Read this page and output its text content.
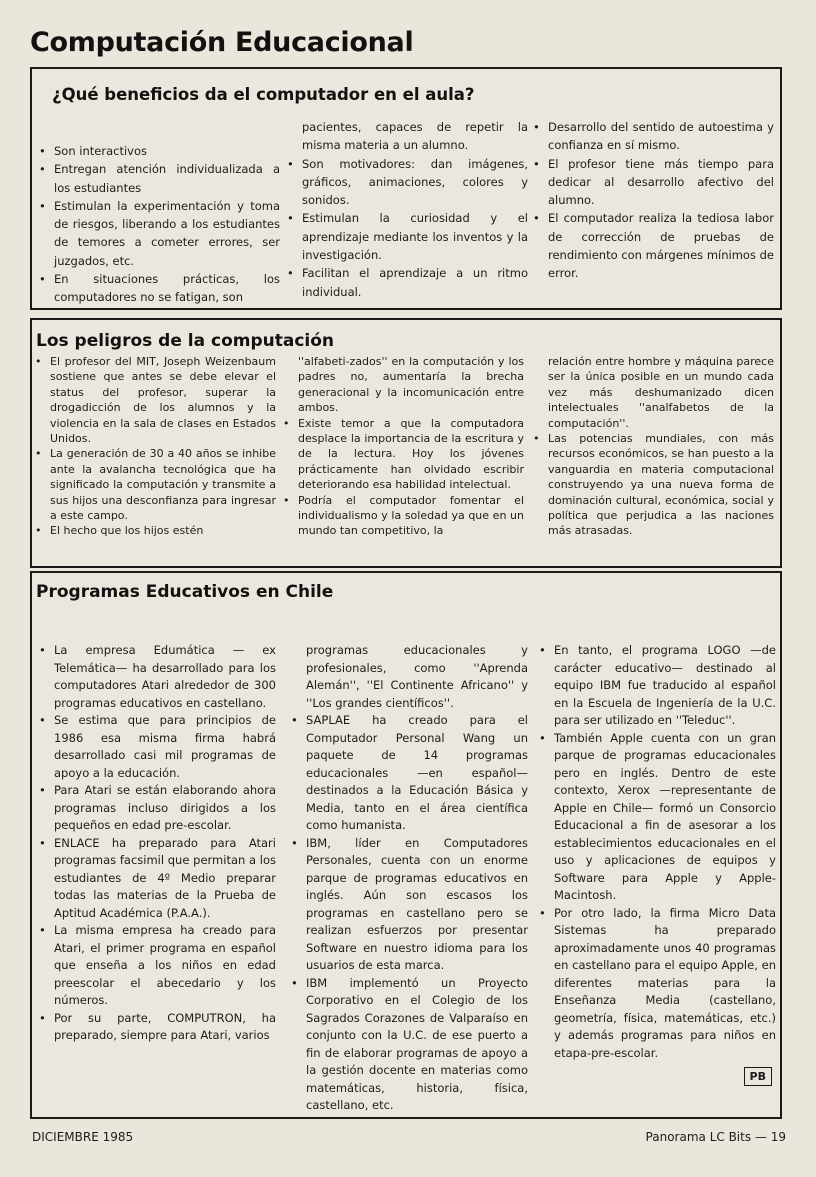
Computación Educacional
¿Qué beneficios da el computador en el aula?
• Son interactivos
• Entregan atención individualizada a los estudiantes
• Estimulan la experimentación y toma de riesgos, liberando a los estudiantes de temores a cometer errores, ser juzgados, etc.
• En situaciones prácticas, los computadores no se fatigan, son
pacientes, capaces de repetir la misma materia a un alumno.
• Son motivadores: dan imágenes, gráficos, animaciones, colores y sonidos.
• Estimulan la curiosidad y el aprendizaje mediante los inventos y la investigación.
• Facilitan el aprendizaje a un ritmo individual.
• Desarrollo del sentido de autoestima y confianza en sí mismo.
• El profesor tiene más tiempo para dedicar al desarrollo afectivo del alumno.
• El computador realiza la tediosa labor de corrección de pruebas de rendimiento con márgenes mínimos de error.
Los peligros de la computación
• El profesor del MIT, Joseph Weizenbaum sostiene que antes se debe elevar el status del profesor, superar la drogadicción de los alumnos y la violencia en la sala de clases en Estados Unidos.
• La generación de 30 a 40 años se inhibe ante la avalancha tecnológica que ha significado la computación y transmite a sus hijos una desconfianza para ingresar a este campo.
• El hecho que los hijos estén
''alfabeti-zados'' en la computación y los padres no, aumentaría la brecha generacional y la incomunicación entre ambos.
• Existe temor a que la computadora desplace la importancia de la escritura y de la lectura. Hoy los jóvenes prácticamente han olvidado escribir deteriorando esa habilidad intelectual.
• Podría el computador fomentar el individualismo y la soledad ya que en un mundo tan competitivo, la
relación entre hombre y máquina parece ser la única posible en un mundo cada vez más deshumanizado dicen intelectuales ''analfabetos de la computación''.
• Las potencias mundiales, con más recursos económicos, se han puesto a la vanguardia en materia computacional construyendo ya una nueva forma de dominación cultural, económica, social y política que perjudica a las naciones más atrasadas.
Programas Educativos en Chile
• La empresa Edumática — ex Telemática— ha desarrollado para los computadores Atari alrededor de 300 programas educativos en castellano.
• Se estima que para principios de 1986 esa misma firma habrá desarrollado casi mil programas de apoyo a la educación.
• Para Atari se están elaborando ahora programas incluso dirigidos a los pequeños en edad pre-escolar.
• ENLACE ha preparado para Atari programas facsimil que permitan a los estudiantes de 4º Medio preparar todas las materias de la Prueba de Aptitud Académica (P.A.A.).
• La misma empresa ha creado para Atari, el primer programa en español que enseña a los niños en edad preescolar el abecedario y los números.
• Por su parte, COMPUTRON, ha preparado, siempre para Atari, varios
programas educacionales y profesionales, como ''Aprenda Alemán'', ''El Continente Africano'' y ''Los grandes científicos''.
• SAPLAE ha creado para el Computador Personal Wang un paquete de 14 programas educacionales —en español— destinados a la Educación Básica y Media, tanto en el área científica como humanista.
• IBM, líder en Computadores Personales, cuenta con un enorme parque de programas educativos en inglés. Aún son escasos los programas en castellano pero se realizan esfuerzos por presentar Software en nuestro idioma para los usuarios de esta marca.
• IBM implementó un Proyecto Corporativo en el Colegio de los Sagrados Corazones de Valparaíso en conjunto con la U.C. de ese puerto a fin de elaborar programas de apoyo a la gestión docente en materias como matemáticas, historia, física, castellano, etc.
• En tanto, el programa LOGO —de carácter educativo— destinado al equipo IBM fue traducido al español en la Escuela de Ingeniería de la U.C. para ser utilizado en ''Teleduc''.
• También Apple cuenta con un gran parque de programas educacionales pero en inglés. Dentro de este contexto, Xerox —representante de Apple en Chile— formó un Consorcio Educacional a fin de asesorar a los establecimientos educacionales en el uso y aplicaciones de equipos y Software para Apple y Apple-Macintosh.
• Por otro lado, la firma Micro Data Sistemas ha preparado aproximadamente unos 40 programas en castellano para el equipo Apple, en diferentes materias para la Enseñanza Media (castellano, geometría, física, matemáticas, etc.) y además programas para niños en etapa-pre-escolar.
PB
DICIEMBRE 1985	Panorama LC Bits — 19
